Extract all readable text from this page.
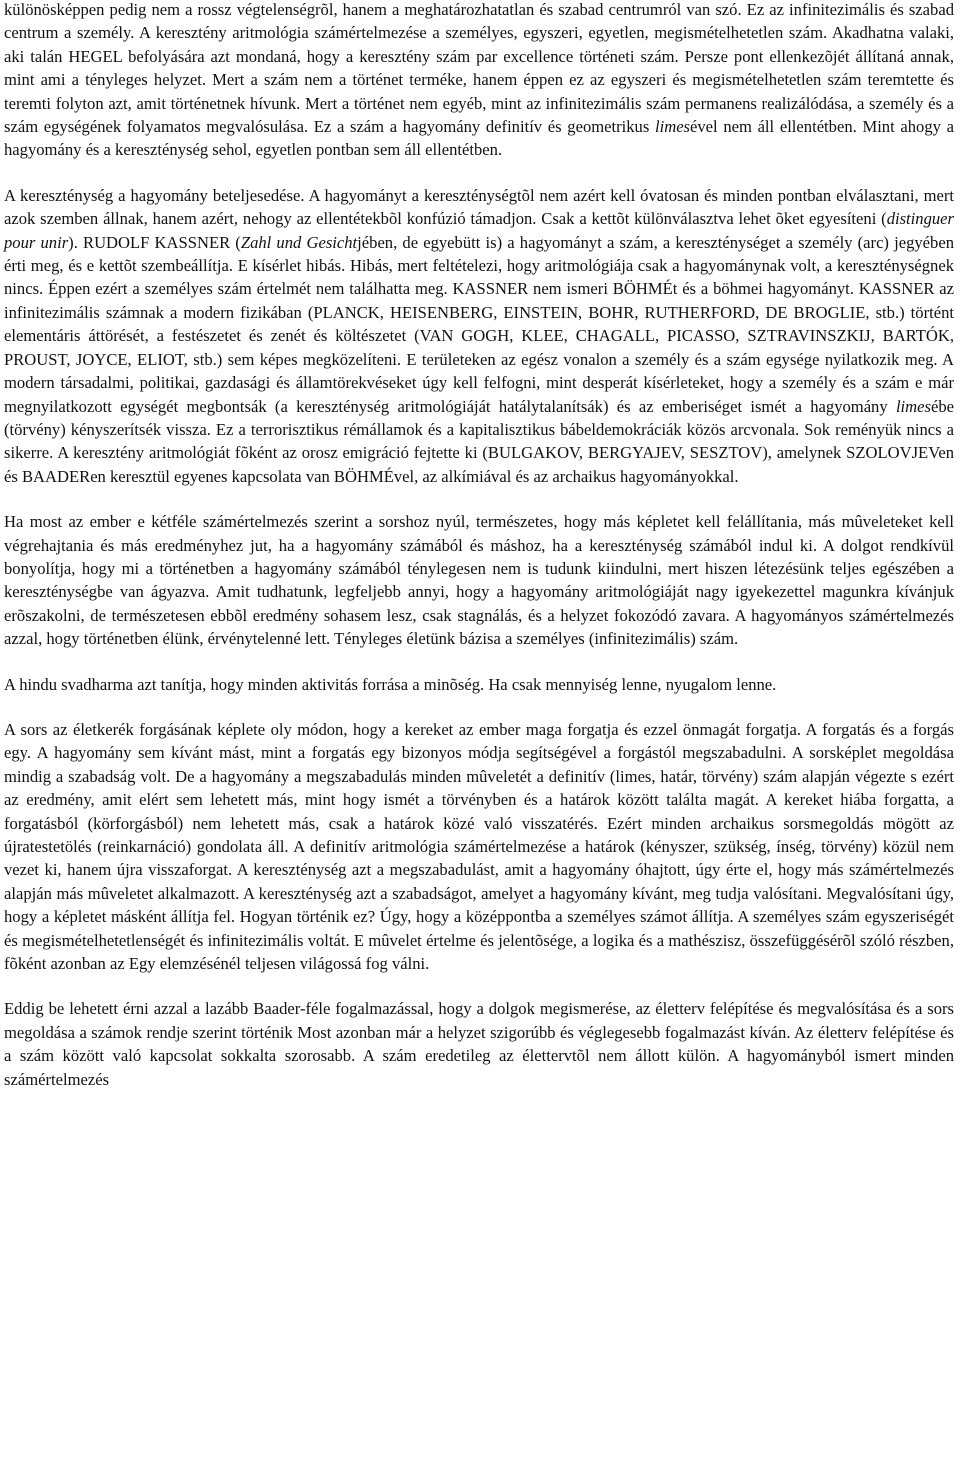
különösképpen pedig nem a rossz végtelenségrõl, hanem a meghatározhatatlan és szabad centrumról van szó. Ez az infinitezimális és szabad centrum a személy. A keresztény aritmológia számértelmezése a személyes, egyszeri, egyetlen, megismételhetetlen szám. Akadhatna valaki, aki talán HEGEL befolyására azt mondaná, hogy a keresztény szám par excellence történeti szám. Persze pont ellenkezõjét állítaná annak, mint ami a tényleges helyzet. Mert a szám nem a történet terméke, hanem éppen ez az egyszeri és megismételhetetlen szám teremtette és teremti folyton azt, amit történetnek hívunk. Mert a történet nem egyéb, mint az infinitezimális szám permanens realizálódása, a személy és a szám egységének folyamatos megvalósulása. Ez a szám a hagyomány definitív és geometrikus limesével nem áll ellentétben. Mint ahogy a hagyomány és a kereszténység sehol, egyetlen pontban sem áll ellentétben.

A kereszténység a hagyomány beteljesedése. A hagyományt a kereszténységtõl nem azért kell óvatosan és minden pontban elválasztani, mert azok szemben állnak, hanem azért, nehogy az ellentétekbõl konfúzió támadjon. Csak a kettõt különválasztva lehet õket egyesíteni (distinguer pour unir). RUDOLF KASSNER (Zahl und Gesichtjében, de egyebütt is) a hagyományt a szám, a kereszténységet a személy (arc) jegyében érti meg, és e kettõt szembeállítja. E kísérlet hibás. Hibás, mert feltételezi, hogy aritmológiája csak a hagyománynak volt, a kereszténységnek nincs. Éppen ezért a személyes szám értelmét nem találhatta meg. KASSNER nem ismeri BÖHMÉt és a böhmei hagyományt. KASSNER az infinitezimális számnak a modern fizikában (PLANCK, HEISENBERG, EINSTEIN, BOHR, RUTHERFORD, DE BROGLIE, stb.) történt elementáris áttörését, a festészetet és zenét és költészetet (VAN GOGH, KLEE, CHAGALL, PICASSO, SZTRAVINSZKIJ, BARTÓK, PROUST, JOYCE, ELIOT, stb.) sem képes megközelíteni. E területeken az egész vonalon a személy és a szám egysége nyilatkozik meg. A modern társadalmi, politikai, gazdasági és államtörekvéseket úgy kell felfogni, mint desperát kísérleteket, hogy a személy és a szám e már megnyilatkozott egységét megbontsák (a kereszténység aritmológiáját hatálytalanítsák) és az emberiséget ismét a hagyomány limesébe (törvény) kényszerítsék vissza. Ez a terrorisztikus rémállamok és a kapitalisztikus bábeldemokráciák közös arcvonala. Sok reményük nincs a sikerre. A keresztény aritmológiát fõként az orosz emigráció fejtette ki (BULGAKOV, BERGYAJEV, SESZTOV), amelynek SZOLOVJEVen és BAADERen keresztül egyenes kapcsolata van BÖHMÉvel, az alkímiával és az archaikus hagyományokkal.

Ha most az ember e kétféle számértelmezés szerint a sorshoz nyúl, természetes, hogy más képletet kell felállítania, más mûveleteket kell végrehajtania és más eredményhez jut, ha a hagyomány számából és máshoz, ha a kereszténység számából indul ki. A dolgot rendkívül bonyolítja, hogy mi a történetben a hagyomány számából ténylegesen nem is tudunk kiindulni, mert hiszen létezésünk teljes egészében a kereszténységbe van ágyazva. Amit tudhatunk, legfeljebb annyi, hogy a hagyomány aritmológiáját nagy igyekezettel magunkra kívánjuk erõszakolni, de természetesen ebbõl eredmény sohasem lesz, csak stagnálás, és a helyzet fokozódó zavara. A hagyományos számértelmezés azzal, hogy történetben élünk, érvénytelenné lett. Tényleges életünk bázisa a személyes (infinitezimális) szám.

A hindu svadharma azt tanítja, hogy minden aktivitás forrása a minõség. Ha csak mennyiség lenne, nyugalom lenne.

A sors az életkerék forgásának képlete oly módon, hogy a kereket az ember maga forgatja és ezzel önmagát forgatja. A forgatás és a forgás egy. A hagyomány sem kívánt mást, mint a forgatás egy bizonyos módja segítségével a forgástól megszabadulni. A sorsképlet megoldása mindig a szabadság volt. De a hagyomány a megszabadulás minden mûveletét a definitív (limes, határ, törvény) szám alapján végezte s ezért az eredmény, amit elért sem lehetett más, mint hogy ismét a törvényben és a határok között találta magát. A kereket hiába forgatta, a forgatásból (körforgásból) nem lehetett más, csak a határok közé való visszatérés. Ezért minden archaikus sorsmegoldás mögött az újratestetölés (reinkarnáció) gondolata áll. A definitív aritmológia számértelmezése a határok (kényszer, szükség, ínség, törvény) közül nem vezet ki, hanem újra visszaforgat. A kereszténység azt a megszabadulást, amit a hagyomány óhajtott, úgy érte el, hogy más számértelmezés alapján más mûveletet alkalmazott. A kereszténység azt a szabadságot, amelyet a hagyomány kívánt, meg tudja valósítani. Megvalósítani úgy, hogy a képletet másként állítja fel. Hogyan történik ez? Úgy, hogy a középpontba a személyes számot állítja. A személyes szám egyszeriségét és megismételhetetlenségét és infinitezimális voltát. E mûvelet értelme és jelentõsége, a logika és a mathészisz, összefüggésérõl szóló részben, fõként azonban az Egy elemzésénél teljesen világossá fog válni.

Eddig be lehetett érni azzal a lazább Baader-féle fogalmazással, hogy a dolgok megismerése, az életterv felépítése és megvalósítása és a sors megoldása a számok rendje szerint történik Most azonban már a helyzet szigorúbb és véglegesebb fogalmazást kíván. Az életterv felépítése és a szám között való kapcsolat sokkalta szorosabb. A szám eredetileg az élettervtõl nem állott külön. A hagyományból ismert minden számértelmezés
